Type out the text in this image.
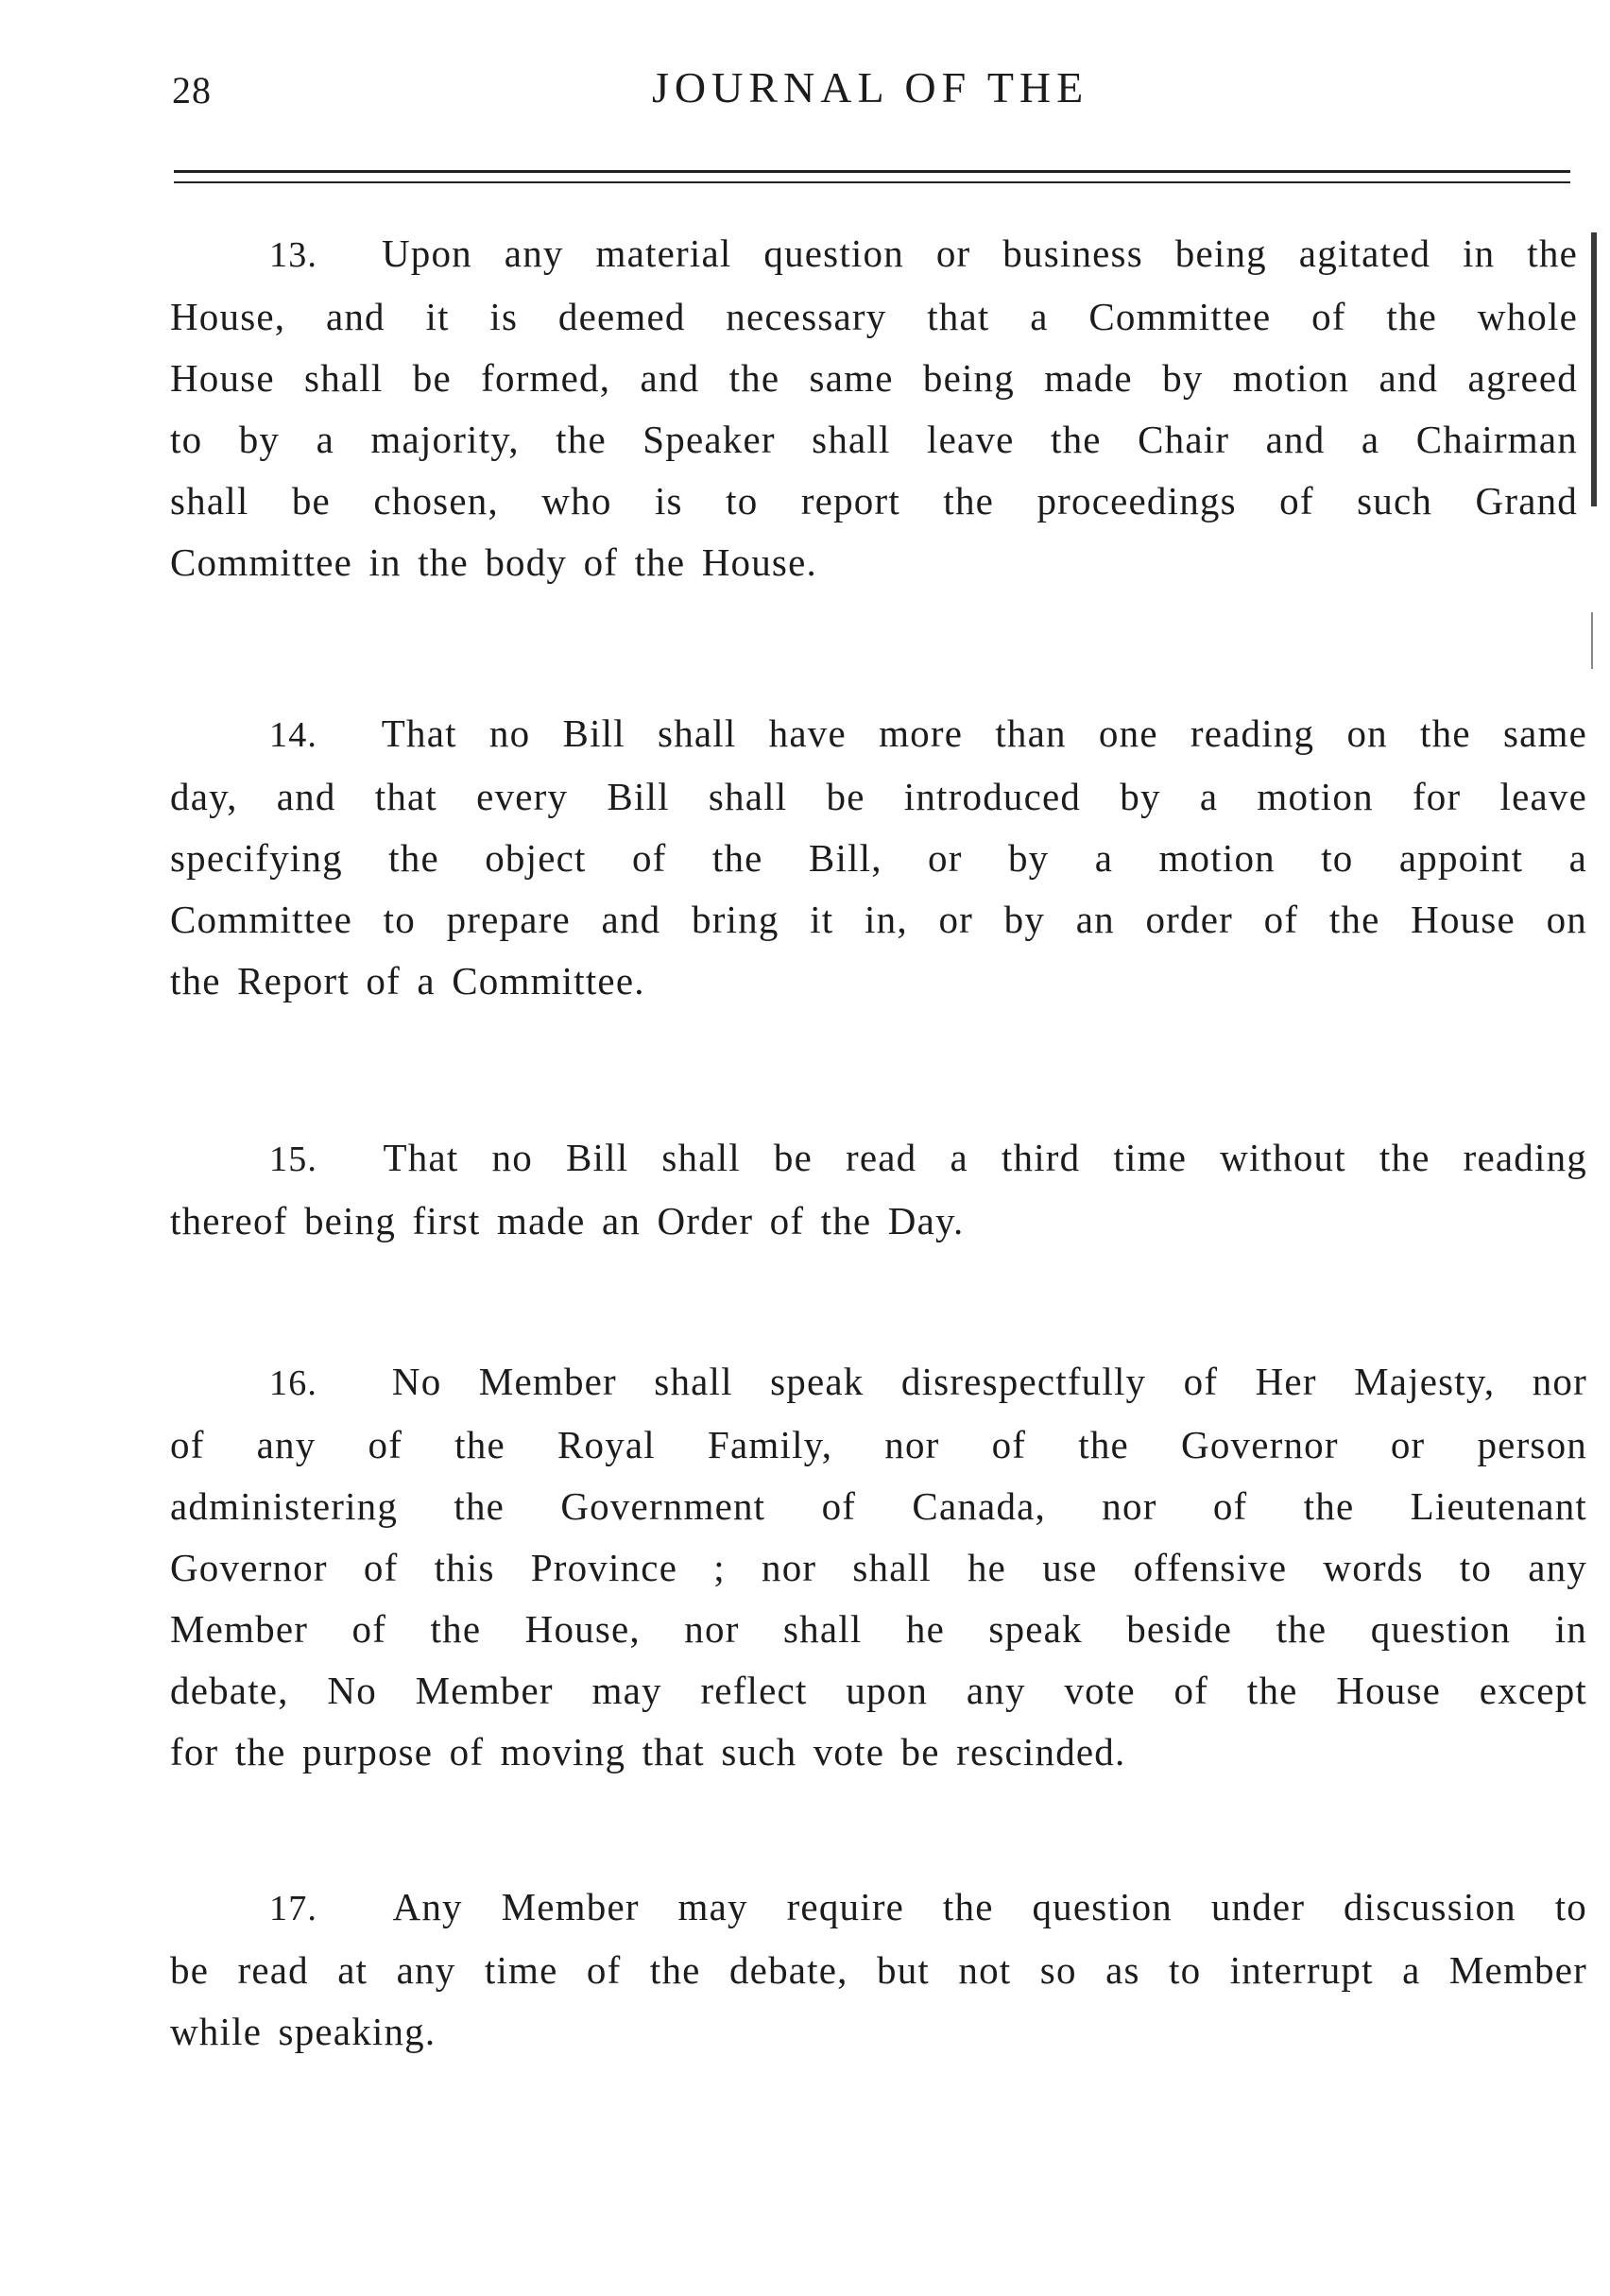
28	JOURNAL OF THE
13. Upon any material question or business being agitated in the
House, and it is deemed necessary that a Committee of the whole
House shall be formed, and the same being made by motion and agreed
to by a majority, the Speaker shall leave the Chair and a Chairman
shall be chosen, who is to report the proceedings of such Grand
Committee in the body of the House.
14. That no Bill shall have more than one reading on the same
day, and that every Bill shall be introduced by a motion for leave
specifying the object of the Bill, or by a motion to appoint a
Committee to prepare and bring it in, or by an order of the House on
the Report of a Committee.
15. That no Bill shall be read a third time without the reading
thereof being first made an Order of the Day.
16. No Member shall speak disrespectfully of Her Majesty, nor
of any of the Royal Family, nor of the Governor or person
administering the Government of Canada, nor of the Lieutenant
Governor of this Province ; nor shall he use offensive words to any
Member of the House, nor shall he speak beside the question in
debate, No Member may reflect upon any vote of the House except
for the purpose of moving that such vote be rescinded.
17. Any Member may require the question under discussion to
be read at any time of the debate, but not so as to interrupt a Member
while speaking.
